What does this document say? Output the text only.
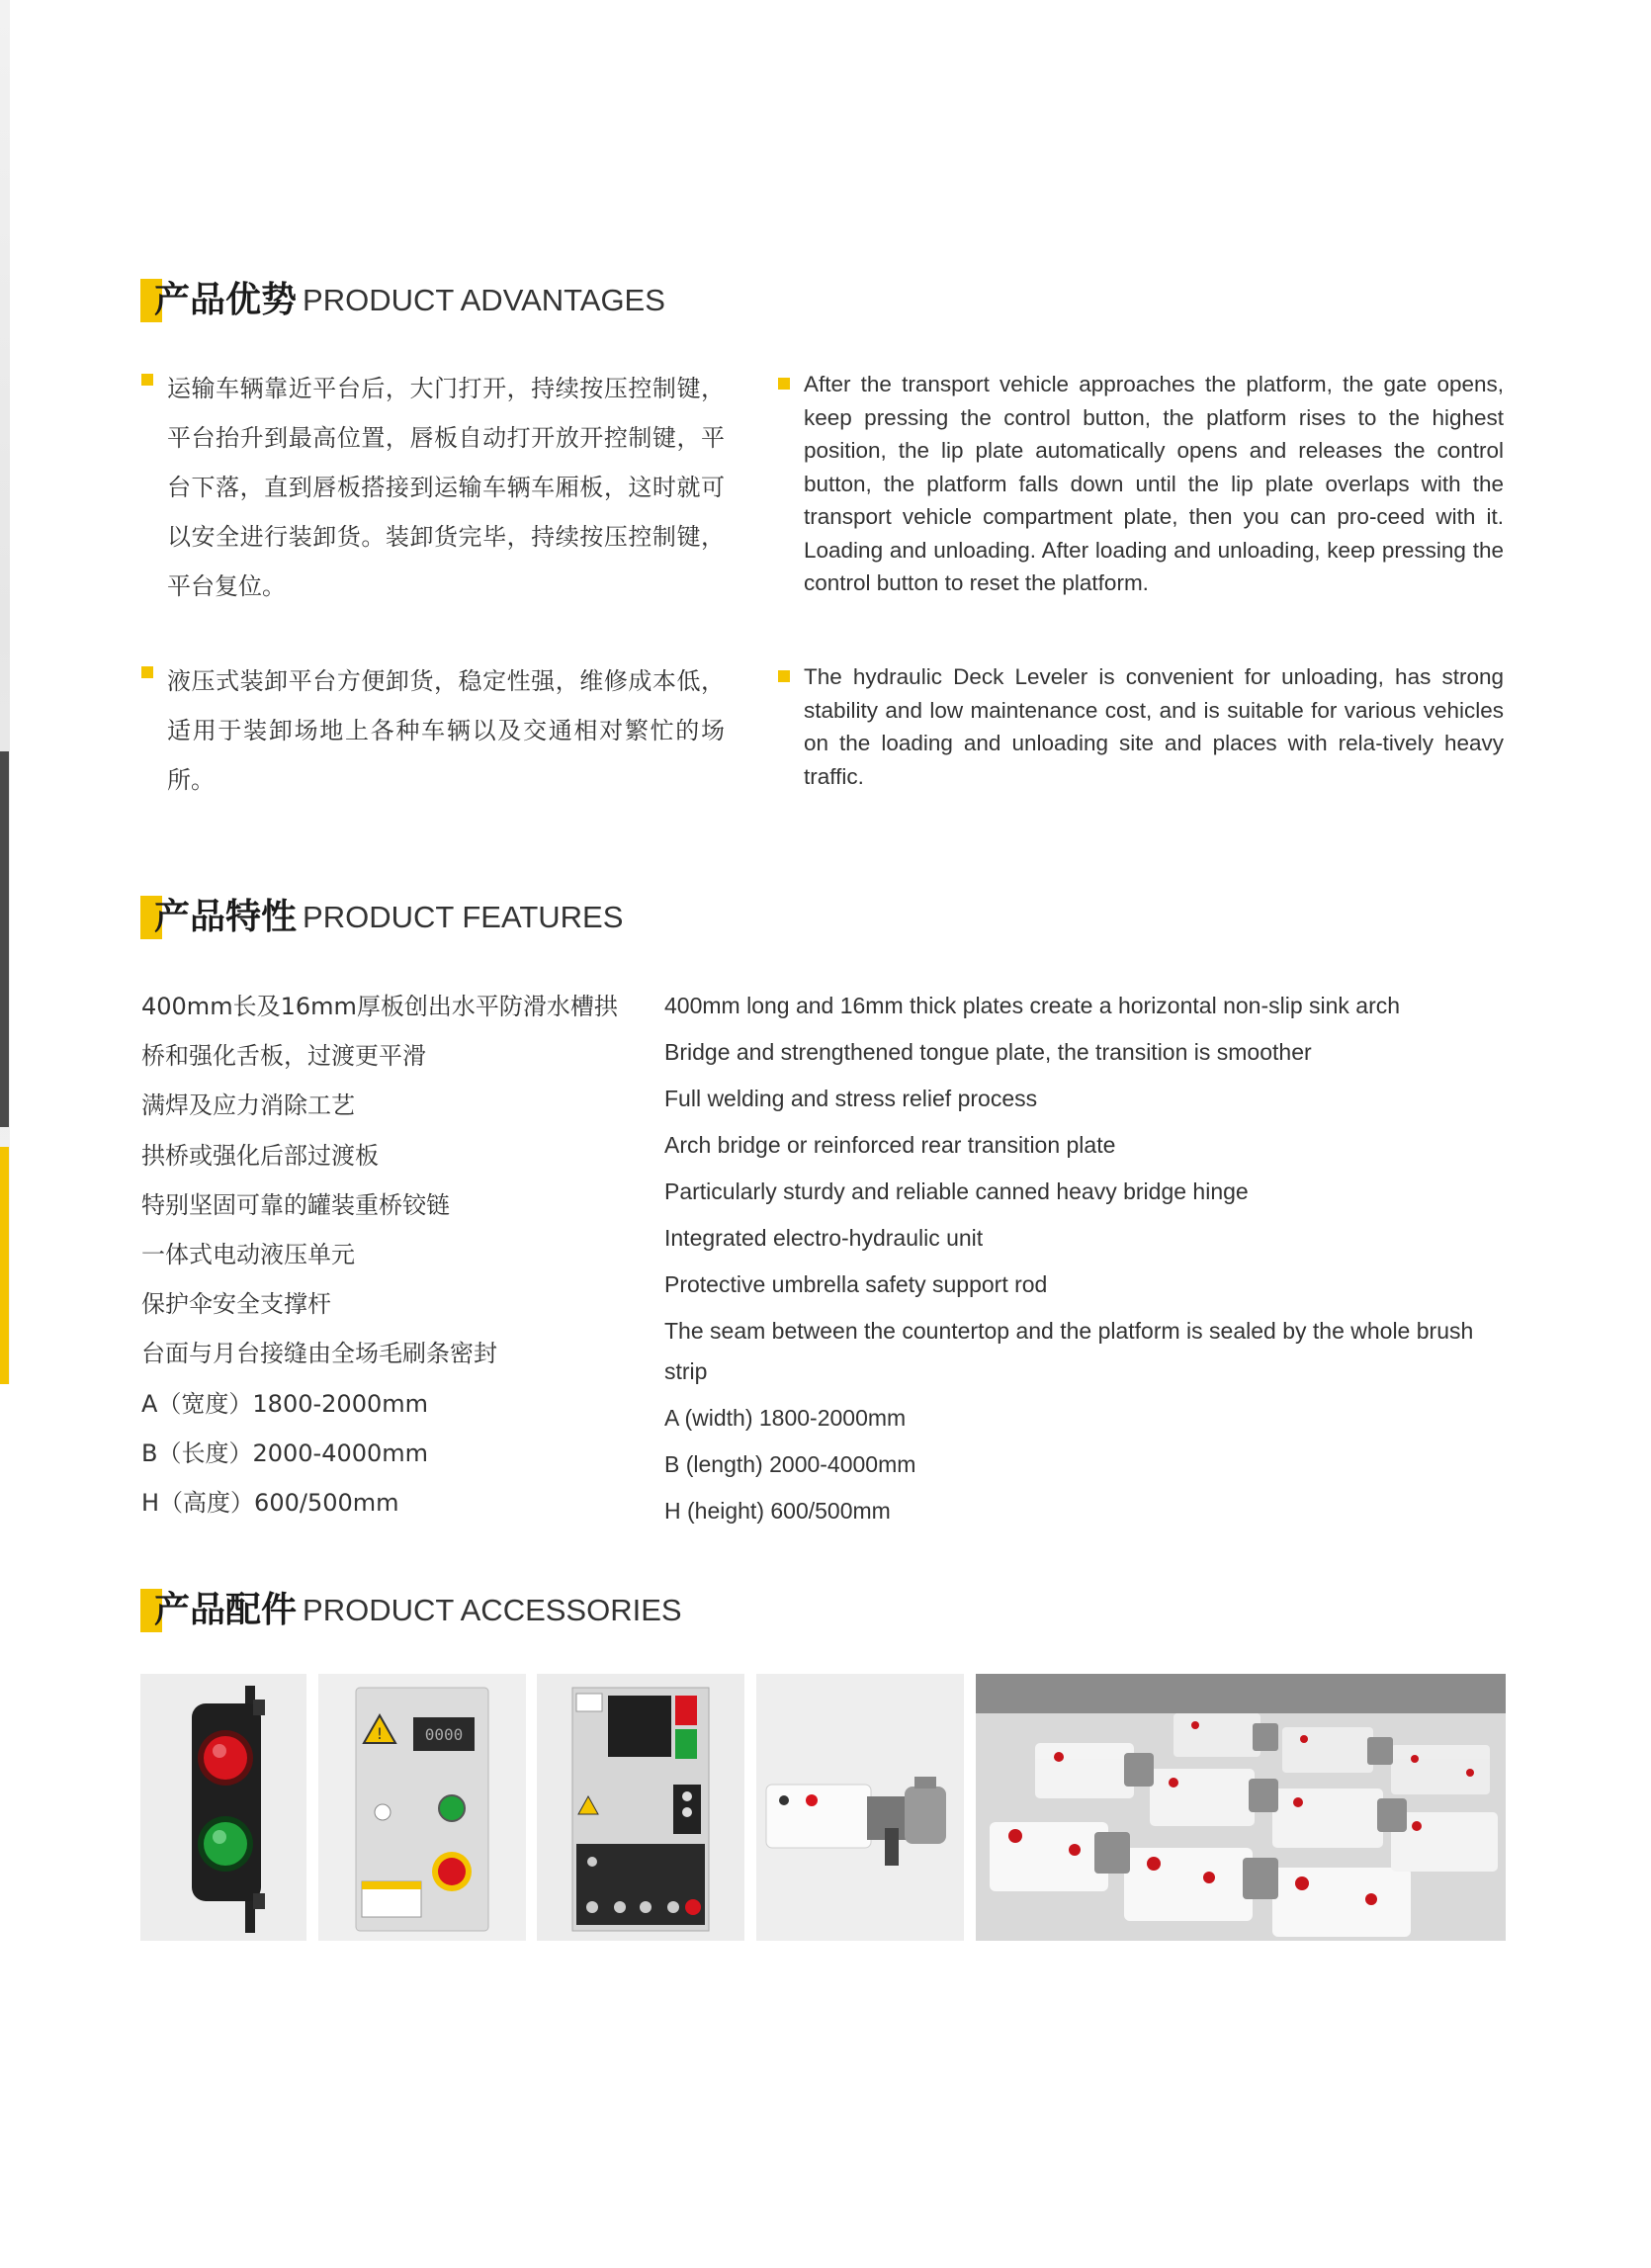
产品优势 PRODUCT ADVANTAGES

运输车辆靠近平台后，大门打开，持续按压控制键，平台抬升到最高位置，唇板自动打开放开控制键，平台下落，直到唇板搭接到运输车辆车厢板，这时就可以安全进行装卸货。装卸货完毕，持续按压控制键，平台复位。

After the transport vehicle approaches the platform, the gate opens, keep pressing the control button, the platform rises to the highest position, the lip plate automatically opens and releases the control button, the platform falls down until the lip plate overlaps with the transport vehicle compartment plate, then you can pro-ceed with it. Loading and unloading. After loading and unloading, keep pressing the control button to reset the platform.

液压式装卸平台方便卸货，稳定性强，维修成本低，适用于装卸场地上各种车辆以及交通相对繁忙的场所。

The hydraulic Deck Leveler is convenient for unloading, has strong stability and low maintenance cost, and is suitable for various vehicles on the loading and unloading site and places with rela-tively heavy traffic.

产品特性 PRODUCT FEATURES
400mm长及16mm厚板创出水平防滑水槽拱
桥和强化舌板，过渡更平滑
满焊及应力消除工艺
拱桥或强化后部过渡板
特别坚固可靠的罐装重桥铰链
一体式电动液压单元
保护伞安全支撑杆
台面与月台接缝由全场毛刷条密封
A（宽度）1800-2000mm
B（长度）2000-4000mm
H（高度）600/500mm
400mm long and 16mm thick plates create a horizontal non-slip sink arch
Bridge and strengthened tongue plate, the transition is smoother
Full welding and stress relief process
Arch bridge or reinforced rear transition plate
Particularly sturdy and reliable canned heavy bridge hinge
Integrated electro-hydraulic unit
Protective umbrella safety support rod
The seam between the countertop and the platform is sealed by the whole brush strip
A (width) 1800-2000mm
B (length) 2000-4000mm
H (height) 600/500mm
产品配件 PRODUCT ACCESSORIES
!	0000
